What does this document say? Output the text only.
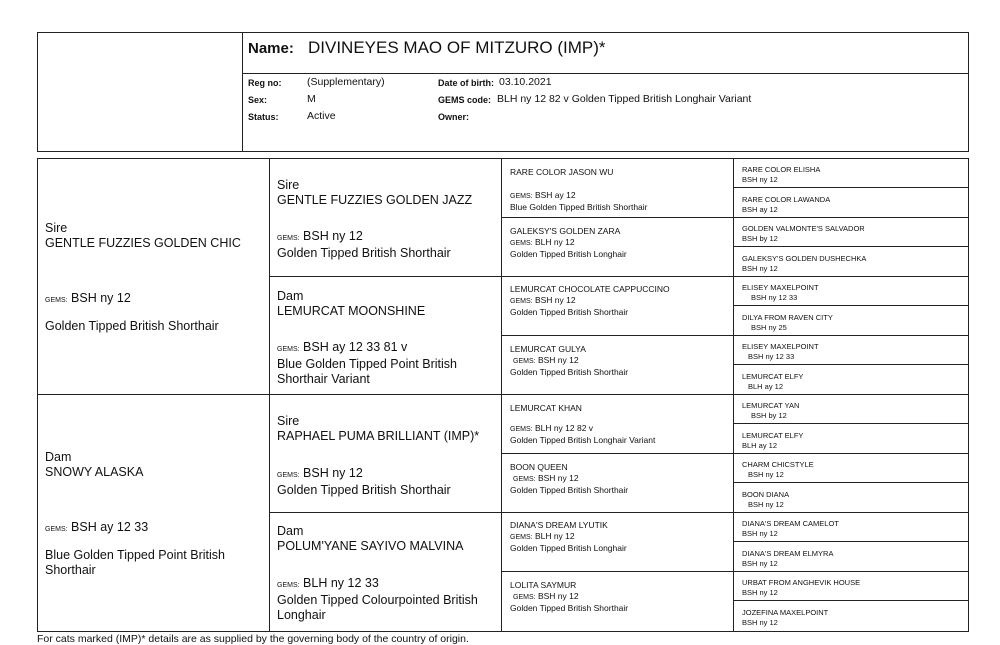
Name: DIVINEYES MAO OF MITZURO (IMP)*
Reg no: (Supplementary)
Sex:	M
Status:	Active
Date of birth: 03.10.2021
GEMS code: BLH ny 12 82 v Golden Tipped British Longhair Variant
Owner:
Sire
GENTLE FUZZIES GOLDEN CHIC
GEMS: BSH ny 12
Golden Tipped British Shorthair
Dam
SNOWY ALASKA
GEMS: BSH ay 12 33
Blue Golden Tipped Point British
Shorthair
Sire
GENTLE FUZZIES GOLDEN JAZZ
GEMS: BSH ny 12
Golden Tipped British Shorthair
Dam
LEMURCAT MOONSHINE
GEMS: BSH ay 12 33 81 v
Blue Golden Tipped Point British
Shorthair Variant
Sire
RAPHAEL PUMA BRILLIANT (IMP)*
GEMS: BSH ny 12
Golden Tipped British Shorthair
Dam
POLUM'YANE SAYIVO MALVINA
GEMS: BLH ny 12 33
Golden Tipped Colourpointed British
Longhair
RARE COLOR JASON WU
GEMS: BSH ay 12
Blue Golden Tipped British Shorthair
GALEKSY'S GOLDEN ZARA
GEMS: BLH ny 12
Golden Tipped British Longhair
LEMURCAT CHOCOLATE CAPPUCCINO
GEMS: BSH ny 12
Golden Tipped British Shorthair
LEMURCAT GULYA
GEMS: BSH ny 12
Golden Tipped British Shorthair
LEMURCAT KHAN
GEMS: BLH ny 12 82 v
Golden Tipped British Longhair Variant
BOON QUEEN
GEMS: BSH ny 12
Golden Tipped British Shorthair
DIANA'S DREAM LYUTIK
GEMS: BLH ny 12
Golden Tipped British Longhair
LOLITA SAYMUR
GEMS: BSH ny 12
Golden Tipped British Shorthair
RARE COLOR ELISHA
BSH ny 12
RARE COLOR LAWANDA
BSH ay 12
GOLDEN VALMONTE'S SALVADOR
BSH by 12
GALEKSY'S GOLDEN DUSHECHKA
BSH ny 12
ELISEY MAXELPOINT
BSH ny 12 33
DILYA FROM RAVEN CITY
BSH ny 25
ELISEY MAXELPOINT
BSH ny 12 33
LEMURCAT ELFY
BLH ay 12
LEMURCAT YAN
BSH by 12
LEMURCAT ELFY
BLH ay 12
CHARM CHICSTYLE
BSH ny 12
BOON DIANA
BSH ny 12
DIANA'S DREAM CAMELOT
BSH ny 12
DIANA'S DREAM ELMYRA
BSH ny 12
URBAT FROM ANGHEVIK HOUSE
BSH ny 12
JOZEFINA MAXELPOINT
BSH ny 12
For cats marked (IMP)* details are as supplied by the governing body of the country of origin.
